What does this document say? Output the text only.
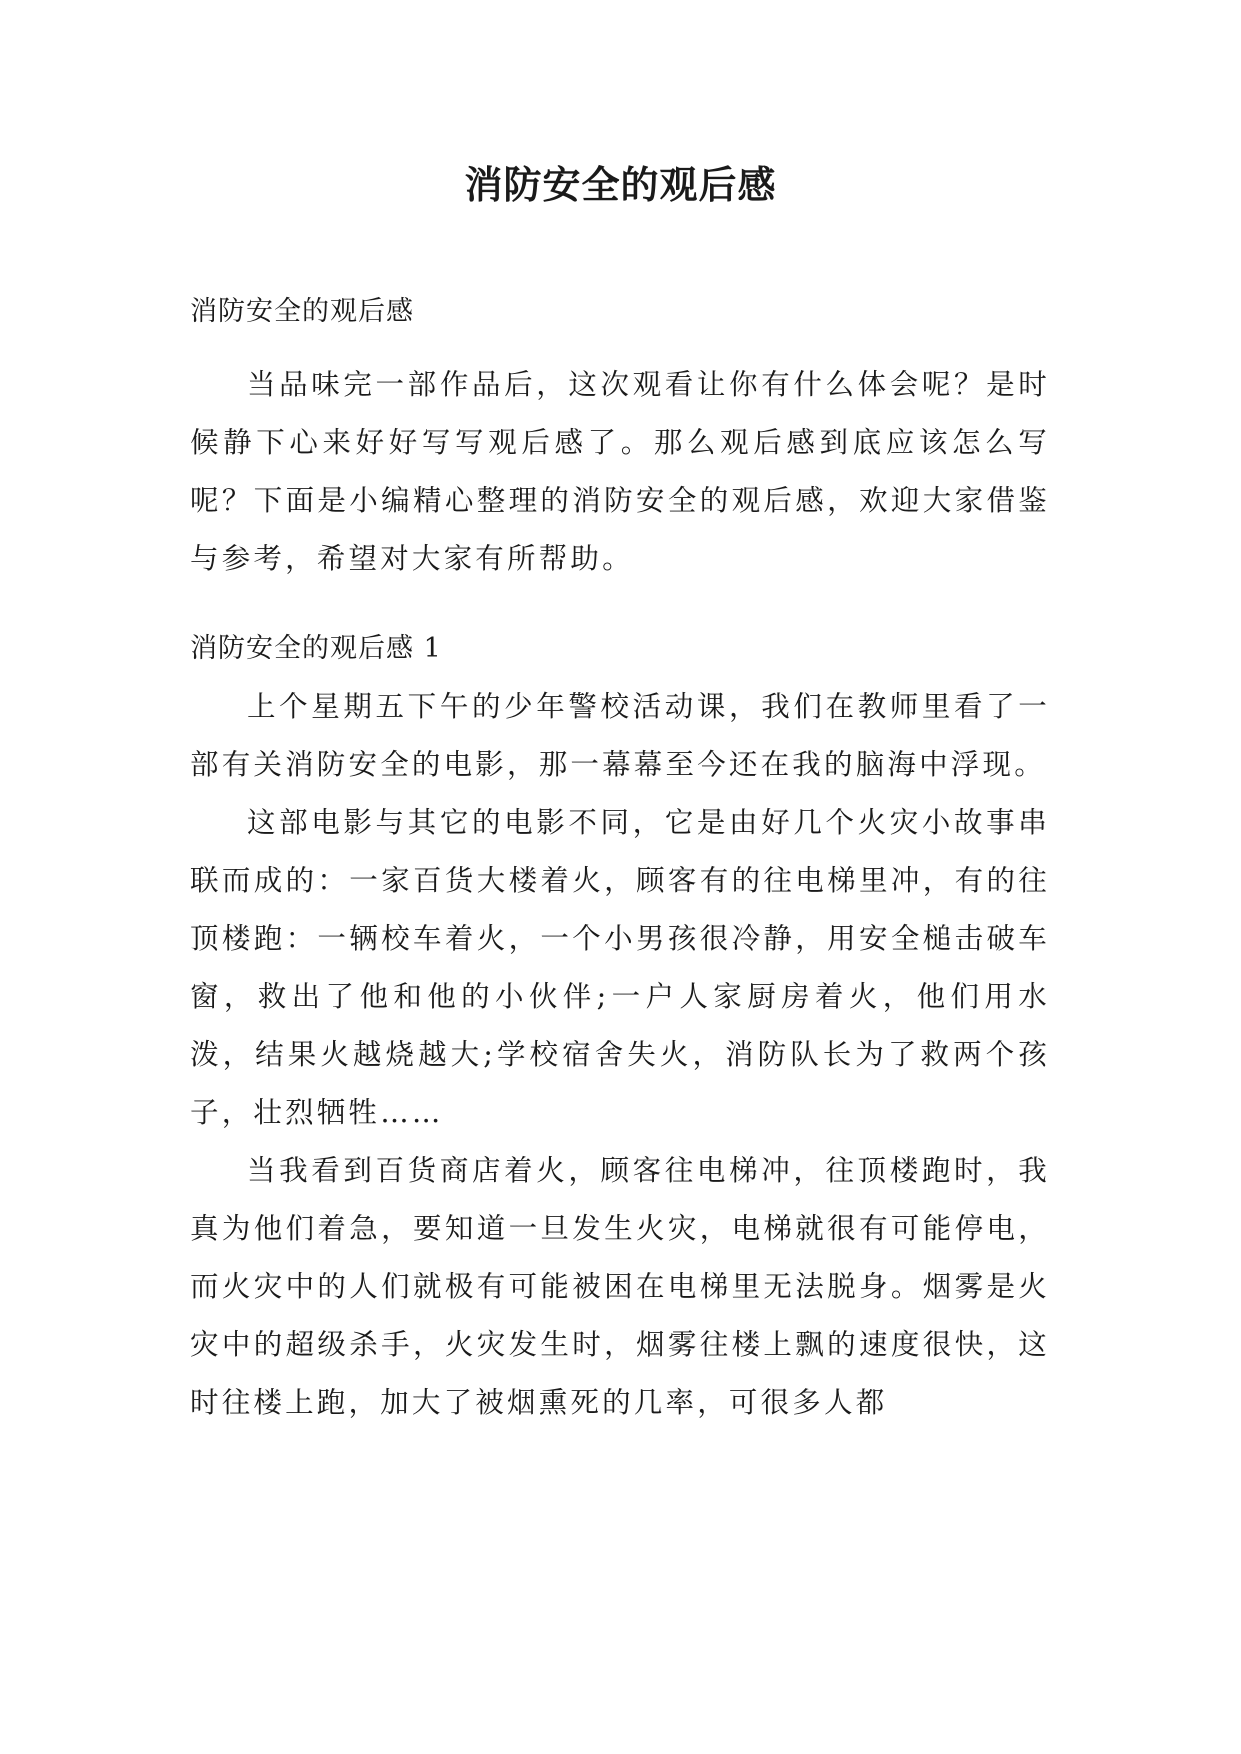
消防安全的观后感

消防安全的观后感

当品味完一部作品后，这次观看让你有什么体会呢？是时候静下心来好好写写观后感了。那么观后感到底应该怎么写呢？下面是小编精心整理的消防安全的观后感，欢迎大家借鉴与参考，希望对大家有所帮助。

消防安全的观后感 1

上个星期五下午的少年警校活动课，我们在教师里看了一部有关消防安全的电影，那一幕幕至今还在我的脑海中浮现。

这部电影与其它的电影不同，它是由好几个火灾小故事串联而成的：一家百货大楼着火，顾客有的往电梯里冲，有的往顶楼跑：一辆校车着火，一个小男孩很冷静，用安全槌击破车窗，救出了他和他的小伙伴;一户人家厨房着火，他们用水泼，结果火越烧越大;学校宿舍失火，消防队长为了救两个孩子，壮烈牺牲……

当我看到百货商店着火，顾客往电梯冲，往顶楼跑时，我真为他们着急，要知道一旦发生火灾，电梯就很有可能停电，而火灾中的人们就极有可能被困在电梯里无法脱身。烟雾是火灾中的超级杀手，火灾发生时，烟雾往楼上飘的速度很快，这时往楼上跑，加大了被烟熏死的几率，可很多人都
